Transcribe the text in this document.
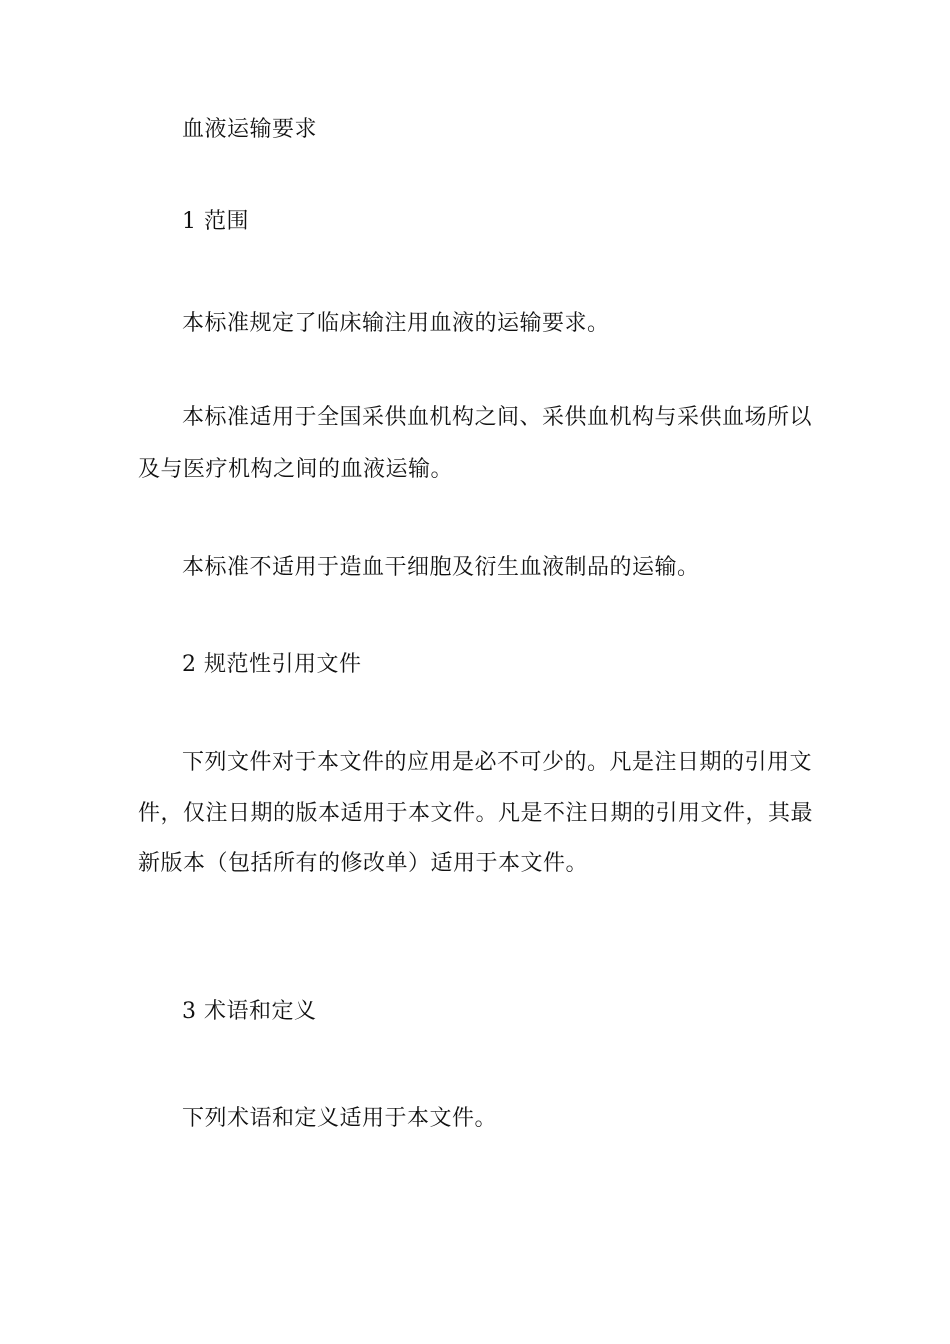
血液运输要求
1 范围
本标准规定了临床输注用血液的运输要求。
本标准适用于全国采供血机构之间、采供血机构与采供血场所以
及与医疗机构之间的血液运输。
本标准不适用于造血干细胞及衍生血液制品的运输。
2 规范性引用文件
下列文件对于本文件的应用是必不可少的。凡是注日期的引用文
件，仅注日期的版本适用于本文件。凡是不注日期的引用文件，其最
新版本（包括所有的修改单）适用于本文件。
3 术语和定义
下列术语和定义适用于本文件。
